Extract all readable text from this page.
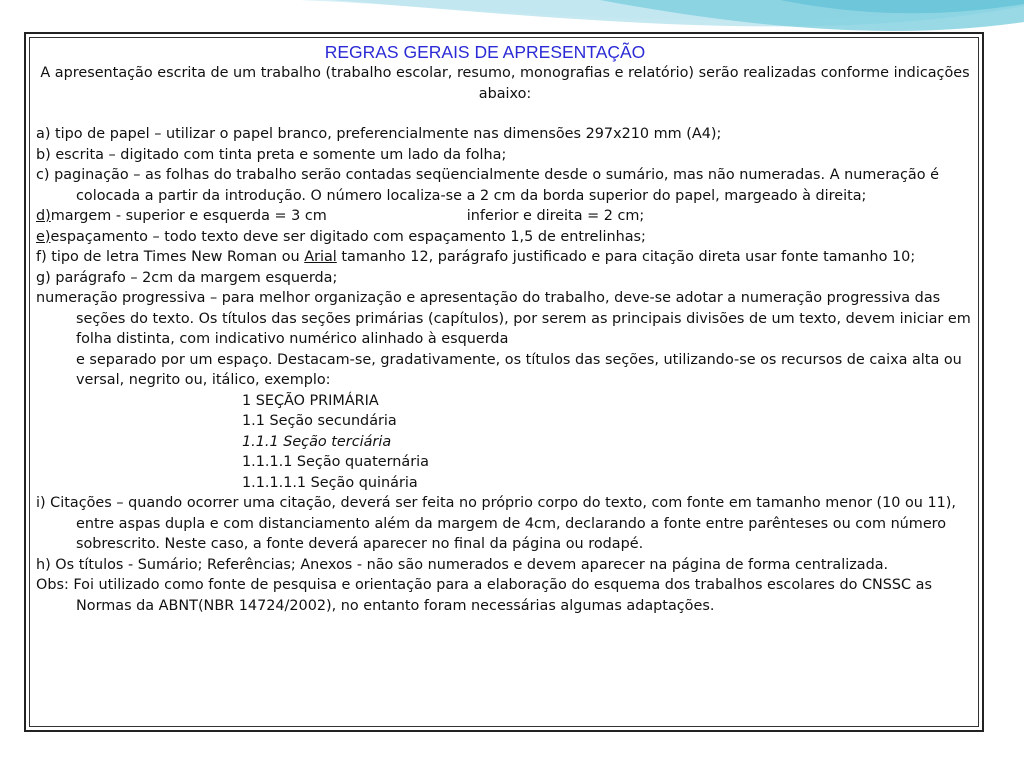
REGRAS GERAIS DE APRESENTAÇÃO

A apresentação escrita de um trabalho (trabalho escolar, resumo, monografias e relatório) serão realizadas conforme indicações abaixo:

a) tipo de papel – utilizar o papel branco, preferencialmente nas dimensões 297x210 mm (A4);

b) escrita – digitado com tinta preta e somente um lado da folha;

c) paginação – as folhas do trabalho serão contadas seqüencialmente desde o sumário, mas não numeradas. A numeração é colocada a partir da introdução. O número localiza-se a 2 cm da borda superior do papel, margeado à direita;

d)margem - superior e esquerda = 3 cm	inferior e direita = 2 cm;

e)espaçamento – todo texto deve ser digitado com espaçamento 1,5 de entrelinhas;

f) tipo de letra Times New Roman ou Arial tamanho 12, parágrafo justificado e para citação direta usar fonte tamanho 10;

g) parágrafo – 2cm da margem esquerda;

numeração progressiva – para melhor organização e apresentação do trabalho, deve-se adotar a numeração progressiva das seções do texto. Os títulos das seções primárias (capítulos), por serem as principais divisões de um texto, devem iniciar em folha distinta, com indicativo numérico alinhado à esquerda

e separado por um espaço. Destacam-se, gradativamente, os títulos das seções, utilizando-se os recursos de caixa alta ou versal, negrito ou, itálico, exemplo:

1 SEÇÃO PRIMÁRIA

1.1 Seção secundária

1.1.1 Seção terciária

1.1.1.1 Seção quaternária

1.1.1.1.1 Seção quinária

i) Citações – quando ocorrer uma citação, deverá ser feita no próprio corpo do texto, com fonte em tamanho menor (10 ou 11), entre aspas dupla e com distanciamento além da margem de 4cm, declarando a fonte entre parênteses ou com número sobrescrito. Neste caso, a fonte deverá aparecer no final da página ou rodapé.

h) Os títulos - Sumário; Referências; Anexos - não são numerados e devem aparecer na página de forma centralizada.

Obs: Foi utilizado como fonte de pesquisa e orientação para a elaboração do esquema dos trabalhos escolares do CNSSC as Normas da ABNT(NBR 14724/2002), no entanto foram necessárias algumas adaptações.
